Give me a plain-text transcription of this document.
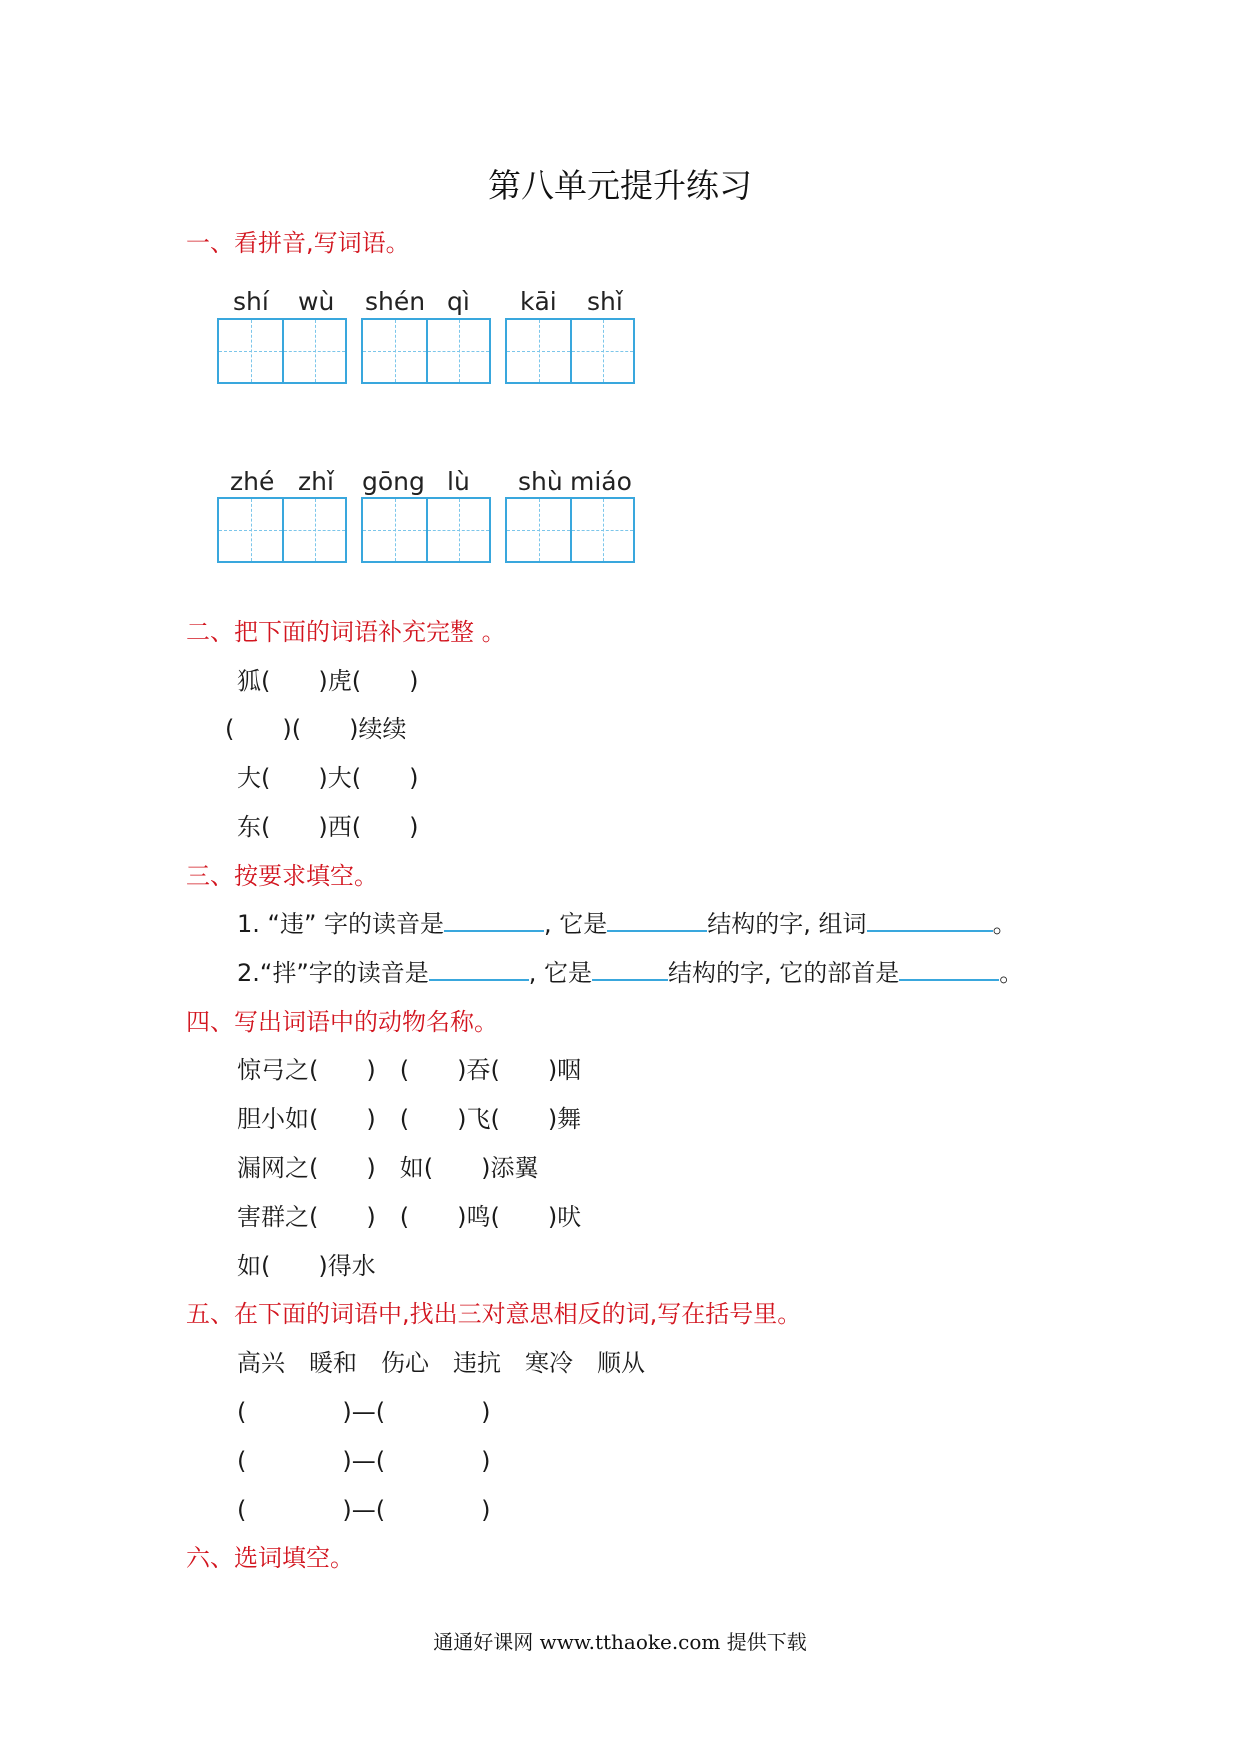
第八单元提升练习
一、看拼音,写词语。
shí wù shén qì kāi shǐ
zhé zhǐ gōng lù shù miáo
二、把下面的词语补充完整 。
狐(　　)虎(　　)
(　　)(　　)续续
大(　　)大(　　)
东(　　)西(　　)
三、按要求填空。
1. “违” 字的读音是	, 它是	结构的字, 组词	。
2.“拌”字的读音是	, 它是	结构的字, 它的部首是	。
四、写出词语中的动物名称。
惊弓之(　　)　(　　)吞(　　)咽
胆小如(　　)　(　　)飞(　　)舞
漏网之(　　)　如(　　)添翼
害群之(　　)　(　　)鸣(　　)吠
如(　　)得水
五、在下面的词语中,找出三对意思相反的词,写在括号里。
高兴　暖和　伤心　违抗　寒冷　顺从
(　　　　)—(　　　　)
(　　　　)—(　　　　)
(　　　　)—(　　　　)
六、选词填空。
通通好课网 www.tthaoke.com 提供下载
